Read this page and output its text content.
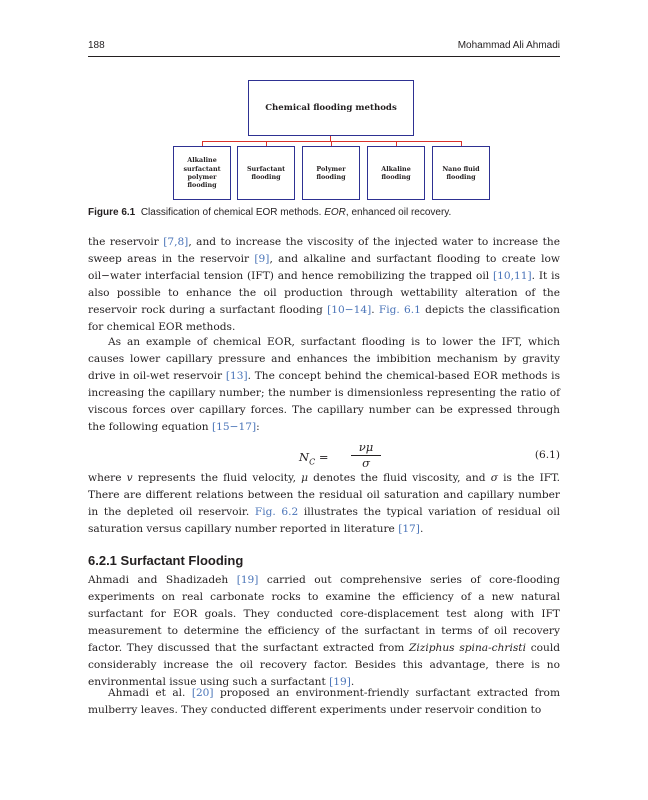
188	Mohammad Ali Ahmadi
Chemical flooding methods
Alkaline
surfactant
polymer
flooding
Surfactant
flooding
Polymer
flooding
Alkaline
flooding
Nano fluid
flooding
Figure 6.1 Classification of chemical EOR methods. EOR, enhanced oil recovery.
the reservoir [7,8], and to increase the viscosity of the injected water to increase the sweep areas in the reservoir [9], and alkaline and surfactant flooding to create low oil−water interfacial tension (IFT) and hence remobilizing the trapped oil [10,11]. It is also possible to enhance the oil production through wettability alteration of the reservoir rock during a surfactant flooding [10−14]. Fig. 6.1 depicts the classification for chemical EOR methods.
As an example of chemical EOR, surfactant flooding is to lower the IFT, which causes lower capillary pressure and enhances the imbibition mechanism by gravity drive in oil-wet reservoir [13]. The concept behind the chemical-based EOR methods is increasing the capillary number; the number is dimensionless representing the ratio of viscous forces over capillary forces. The capillary number can be expressed through the following equation [15−17]:
$N_C = \frac{\nu\mu}{\sigma}$	(6.1)
where v represents the fluid velocity, μ denotes the fluid viscosity, and σ is the IFT. There are different relations between the residual oil saturation and capillary number in the depleted oil reservoir. Fig. 6.2 illustrates the typical variation of residual oil saturation versus capillary number reported in literature [17].
6.2.1 Surfactant Flooding
Ahmadi and Shadizadeh [19] carried out comprehensive series of core-flooding experiments on real carbonate rocks to examine the efficiency of a new natural surfactant for EOR goals. They conducted core-displacement test along with IFT measurement to determine the efficiency of the surfactant in terms of oil recovery factor. They discussed that the surfactant extracted from Ziziphus spina-christi could considerably increase the oil recovery factor. Besides this advantage, there is no environmental issue using such a surfactant [19].
Ahmadi et al. [20] proposed an environment-friendly surfactant extracted from mulberry leaves. They conducted different experiments under reservoir condition to
